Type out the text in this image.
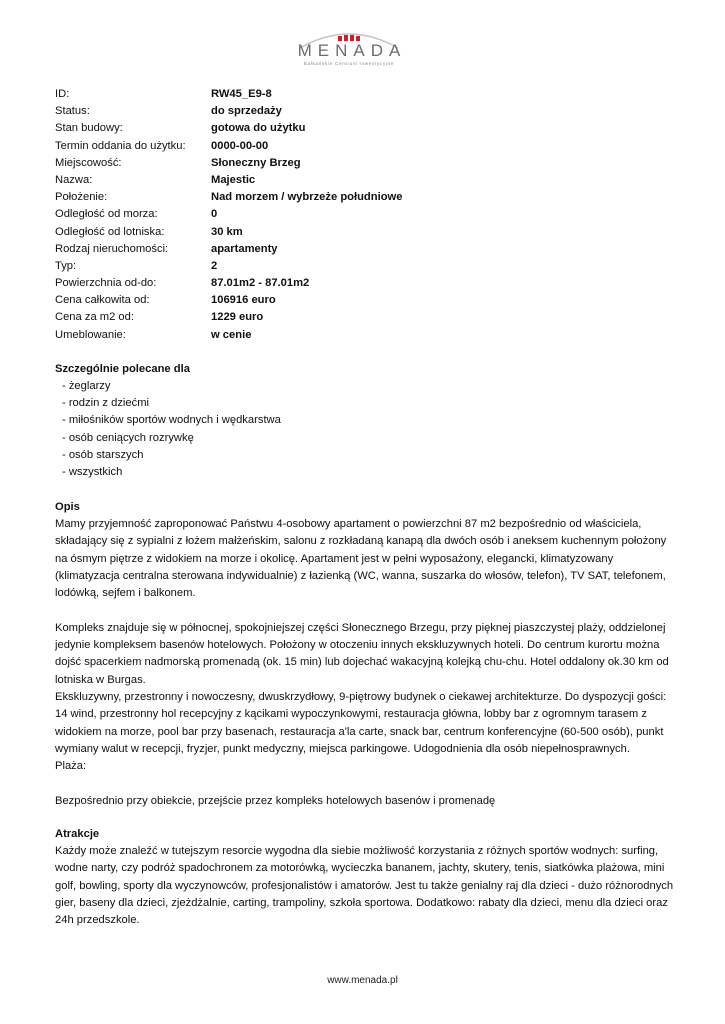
MENADA
Bałkańskie Centrum Inwestycyjne
ID:	RW45_E9-8
Status:	do sprzedaży
Stan budowy:	gotowa do użytku
Termin oddania do użytku:	0000-00-00
Miejscowość:	Słoneczny Brzeg
Nazwa:	Majestic
Położenie:	Nad morzem / wybrzeże południowe
Odległość od morza:	0
Odległość od lotniska:	30 km
Rodzaj nieruchomości:	apartamenty
Typ:	2
Powierzchnia od-do:	87.01m2 - 87.01m2
Cena całkowita od:	106916 euro
Cena za m2 od:	1229 euro
Umeblowanie:	w cenie
Szczególnie polecane dla
- żeglarzy
- rodzin z dziećmi
- miłośników sportów wodnych i wędkarstwa
- osób ceniących rozrywkę
- osób starszych
- wszystkich
Opis

Mamy przyjemność zaproponować Państwu 4-osobowy apartament o powierzchni 87 m2 bezpośrednio od właściciela, składający się z sypialni z łożem małżeńskim, salonu z rozkładaną kanapą dla dwóch osób i aneksem kuchennym położony na ósmym piętrze z widokiem na morze i okolicę. Apartament jest w pełni wyposażony, elegancki, klimatyzowany (klimatyzacja centralna sterowana indywidualnie) z łazienką (WC, wanna, suszarka do włosów, telefon), TV SAT, telefonem, lodówką, sejfem i balkonem.

Kompleks znajduje się w północnej, spokojniejszej części Słonecznego Brzegu, przy pięknej piaszczystej plaży, oddzielonej jedynie kompleksem basenów hotelowych. Położony w otoczeniu innych ekskluzywnych hoteli. Do centrum kurortu można dojść spacerkiem nadmorską promenadą (ok. 15 min) lub dojechać wakacyjną kolejką chu-chu. Hotel oddalony ok.30 km od lotniska w Burgas.

Ekskluzywny, przestronny i nowoczesny, dwuskrzydłowy, 9-piętrowy budynek o ciekawej architekturze. Do dyspozycji gości: 14 wind, przestronny hol recepcyjny z kącikami wypoczynkowymi, restauracja główna, lobby bar z ogromnym tarasem z widokiem na morze, pool bar przy basenach, restauracja a'la carte, snack bar, centrum konferencyjne (60-500 osób), punkt wymiany walut w recepcji, fryzjer, punkt medyczny, miejsca parkingowe. Udogodnienia dla osób niepełnosprawnych.

Plaża:

Bezpośrednio przy obiekcie, przejście przez kompleks hotelowych basenów i promenadę

Atrakcje

Każdy może znaleźć w tutejszym resorcie wygodna dla siebie możliwość korzystania z różnych sportów wodnych: surfing, wodne narty, czy podróż spadochronem za motorówką, wycieczka bananem, jachty, skutery, tenis, siatkówka plażowa, mini golf, bowling, sporty dla wyczynowców, profesjonalistów i amatorów. Jest tu także genialny raj dla dzieci - dużo różnorodnych gier, baseny dla dzieci, zjeżdżalnie, carting, trampoliny, szkoła sportowa. Dodatkowo: rabaty dla dzieci, menu dla dzieci oraz 24h przedszkole.

www.menada.pl
